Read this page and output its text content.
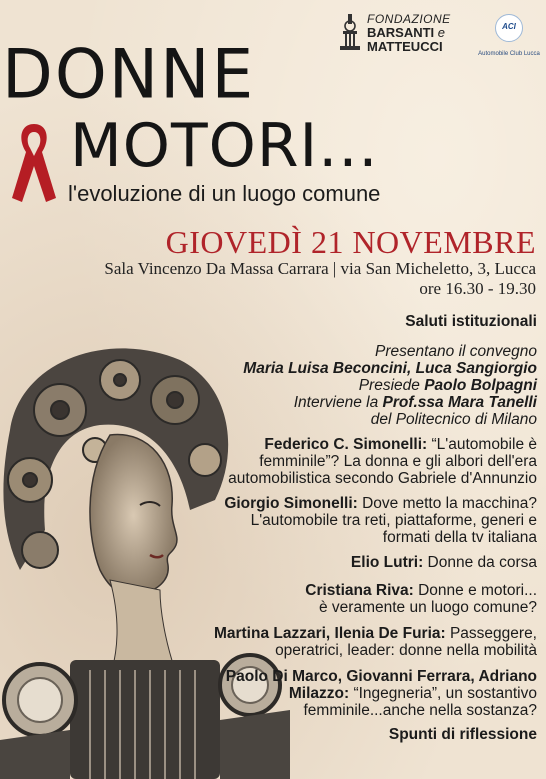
FONDAZIONE
BARSANTI e
MATTEUCCI
ACI
Automobile Club Lucca
DONNE
MOTORI...
l'evoluzione di un luogo comune
GIOVEDÌ 21 NOVEMBRE
Sala Vincenzo Da Massa Carrara | via San Micheletto, 3, Lucca
ore 16.30 - 19.30
Saluti istituzionali
Presentano il convegno
Maria Luisa Beconcini, Luca Sangiorgio
Presiede Paolo Bolpagni
Interviene la Prof.ssa Mara Tanelli
del Politecnico di Milano
Federico C. Simonelli: “L'automobile è
femminile”? La donna e gli albori dell'era
automobilistica secondo Gabriele d'Annunzio
Giorgio Simonelli: Dove metto la macchina?
L'automobile tra reti, piattaforme, generi e
formati della tv italiana
Elio Lutri: Donne da corsa
Cristiana Riva: Donne e motori...
è veramente un luogo comune?
Martina Lazzari, Ilenia De Furia: Passeggere,
operatrici, leader: donne nella mobilità
Paolo Di Marco, Giovanni Ferrara, Adriano
Milazzo: “Ingegneria”, un sostantivo
femminile...anche nella sostanza?
Spunti di riflessione
